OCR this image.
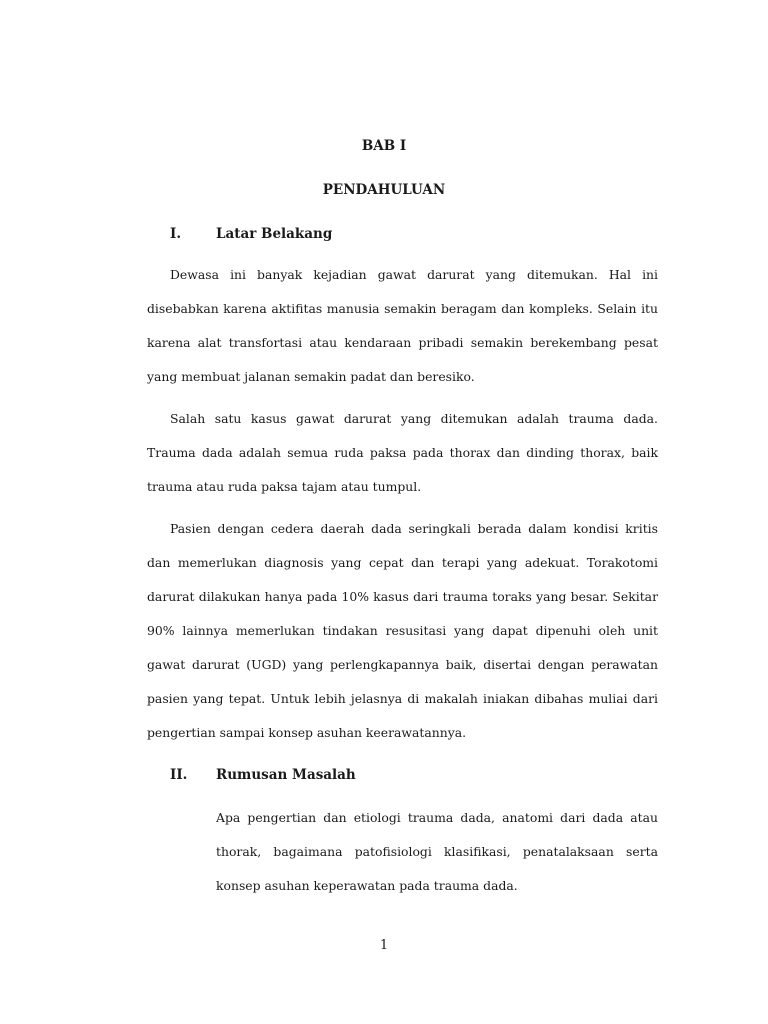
BAB I

PENDAHULUAN

I.	Latar Belakang

Dewasa ini banyak kejadian gawat darurat yang ditemukan. Hal ini disebabkan karena aktifitas manusia semakin beragam dan kompleks. Selain itu karena alat transfortasi atau kendaraan pribadi semakin berekembang pesat yang membuat jalanan semakin padat dan beresiko.

Salah satu kasus gawat darurat yang ditemukan adalah trauma dada. Trauma dada adalah semua ruda paksa pada thorax dan dinding thorax, baik trauma atau ruda paksa tajam atau tumpul.

Pasien dengan cedera daerah dada seringkali berada dalam kondisi kritis dan memerlukan diagnosis yang cepat dan terapi yang adekuat. Torakotomi darurat dilakukan hanya pada 10% kasus dari trauma toraks yang besar. Sekitar 90% lainnya memerlukan tindakan resusitasi yang dapat dipenuhi oleh unit gawat darurat (UGD) yang perlengkapannya baik, disertai dengan perawatan pasien yang tepat. Untuk lebih jelasnya di makalah iniakan dibahas muliai dari pengertian sampai konsep asuhan keerawatannya.

II. Rumusan Masalah

Apa pengertian dan etiologi trauma dada, anatomi dari dada atau thorak, bagaimana patofisiologi klasifikasi, penatalaksaan serta konsep asuhan keperawatan pada trauma dada.

1
